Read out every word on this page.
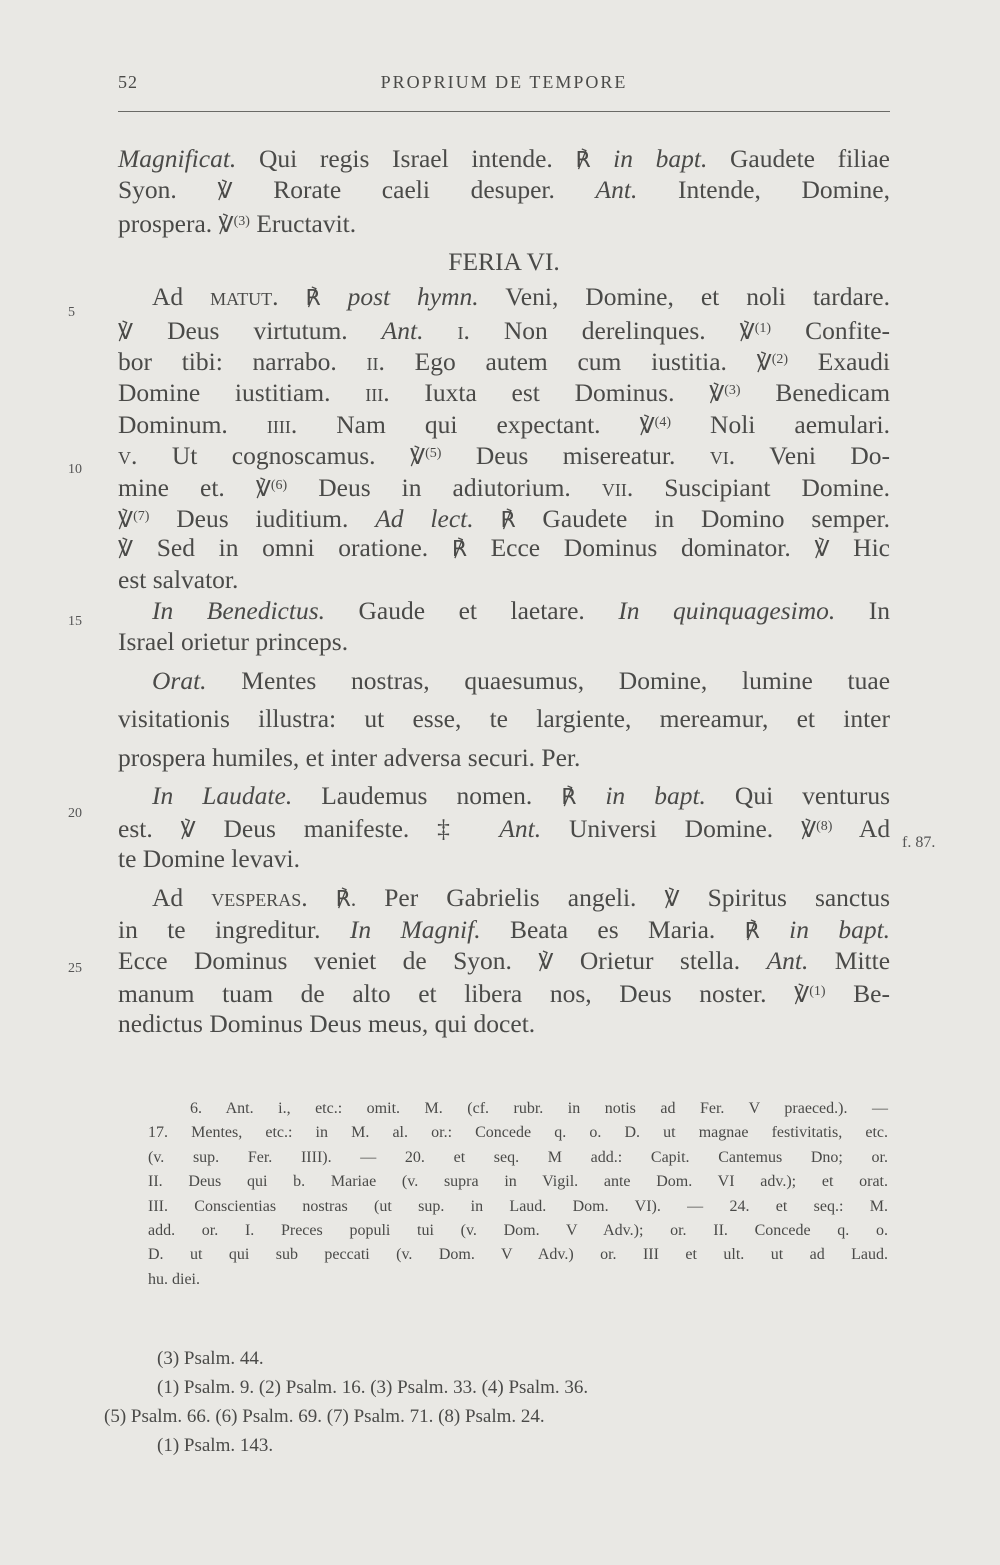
52	PROPRIUM DE TEMPORE
5
10
15
20
25
f. 87.
Magnificat. Qui regis Israel intende. ℟ in bapt. Gaudete filiae
Syon. ℣ Rorate caeli desuper. Ant. Intende, Domine,
prospera. ℣$^{(3)}$ Eructavit.
FERIA VI.
Ad matut. ℟ post hymn. Veni, Domine, et noli tardare.
℣ Deus virtutum. Ant. i. Non derelinques. ℣$^{(1)}$ Confite-
bor tibi: narrabo. ii. Ego autem cum iustitia. ℣$^{(2)}$ Exaudi
Domine iustitiam. iii. Iuxta est Dominus. ℣$^{(3)}$ Benedicam
Dominum. iiii. Nam qui expectant. ℣$^{(4)}$ Noli aemulari.
v. Ut cognoscamus. ℣$^{(5)}$ Deus misereatur. vi. Veni Do-
mine et. ℣$^{(6)}$ Deus in adiutorium. vii. Suscipiant Domine.
℣$^{(7)}$ Deus iuditium. Ad lect. ℟ Gaudete in Domino semper.
℣ Sed in omni oratione. ℟ Ecce Dominus dominator. ℣ Hic
est salvator.
In Benedictus. Gaude et laetare. In quinquagesimo. In
Israel orietur princeps.
Orat. Mentes nostras, quaesumus, Domine, lumine tuae
visitationis illustra: ut esse, te largiente, mereamur, et inter
prospera humiles, et inter adversa securi. Per.
In Laudate. Laudemus nomen. ℟ in bapt. Qui venturus
est. ℣ Deus manifeste. ‡ Ant. Universi Domine. ℣$^{(8)}$ Ad
te Domine levavi.
Ad vesperas. ℟. Per Gabrielis angeli. ℣ Spiritus sanctus
in te ingreditur. In Magnif. Beata es Maria. ℟ in bapt.
Ecce Dominus veniet de Syon. ℣ Orietur stella. Ant. Mitte
manum tuam de alto et libera nos, Deus noster. ℣$^{(1)}$ Be-
nedictus Dominus Deus meus, qui docet.
6. Ant. i., etc.: omit. M. (cf. rubr. in notis ad Fer. V praeced.). —
17. Mentes, etc.: in M. al. or.: Concede q. o. D. ut magnae festivitatis, etc.
(v. sup. Fer. IIII). — 20. et seq. M add.: Capit. Cantemus Dno; or.
II. Deus qui b. Mariae (v. supra in Vigil. ante Dom. VI adv.); et orat.
III. Conscientias nostras (ut sup. in Laud. Dom. VI). — 24. et seq.: M.
add. or. I. Preces populi tui (v. Dom. V Adv.); or. II. Concede q. o.
D. ut qui sub peccati (v. Dom. V Adv.) or. III et ult. ut ad Laud.
hu. diei.
(3) Psalm. 44.
(1) Psalm. 9. (2) Psalm. 16. (3) Psalm. 33. (4) Psalm. 36.
(5) Psalm. 66. (6) Psalm. 69. (7) Psalm. 71. (8) Psalm. 24.
(1) Psalm. 143.
